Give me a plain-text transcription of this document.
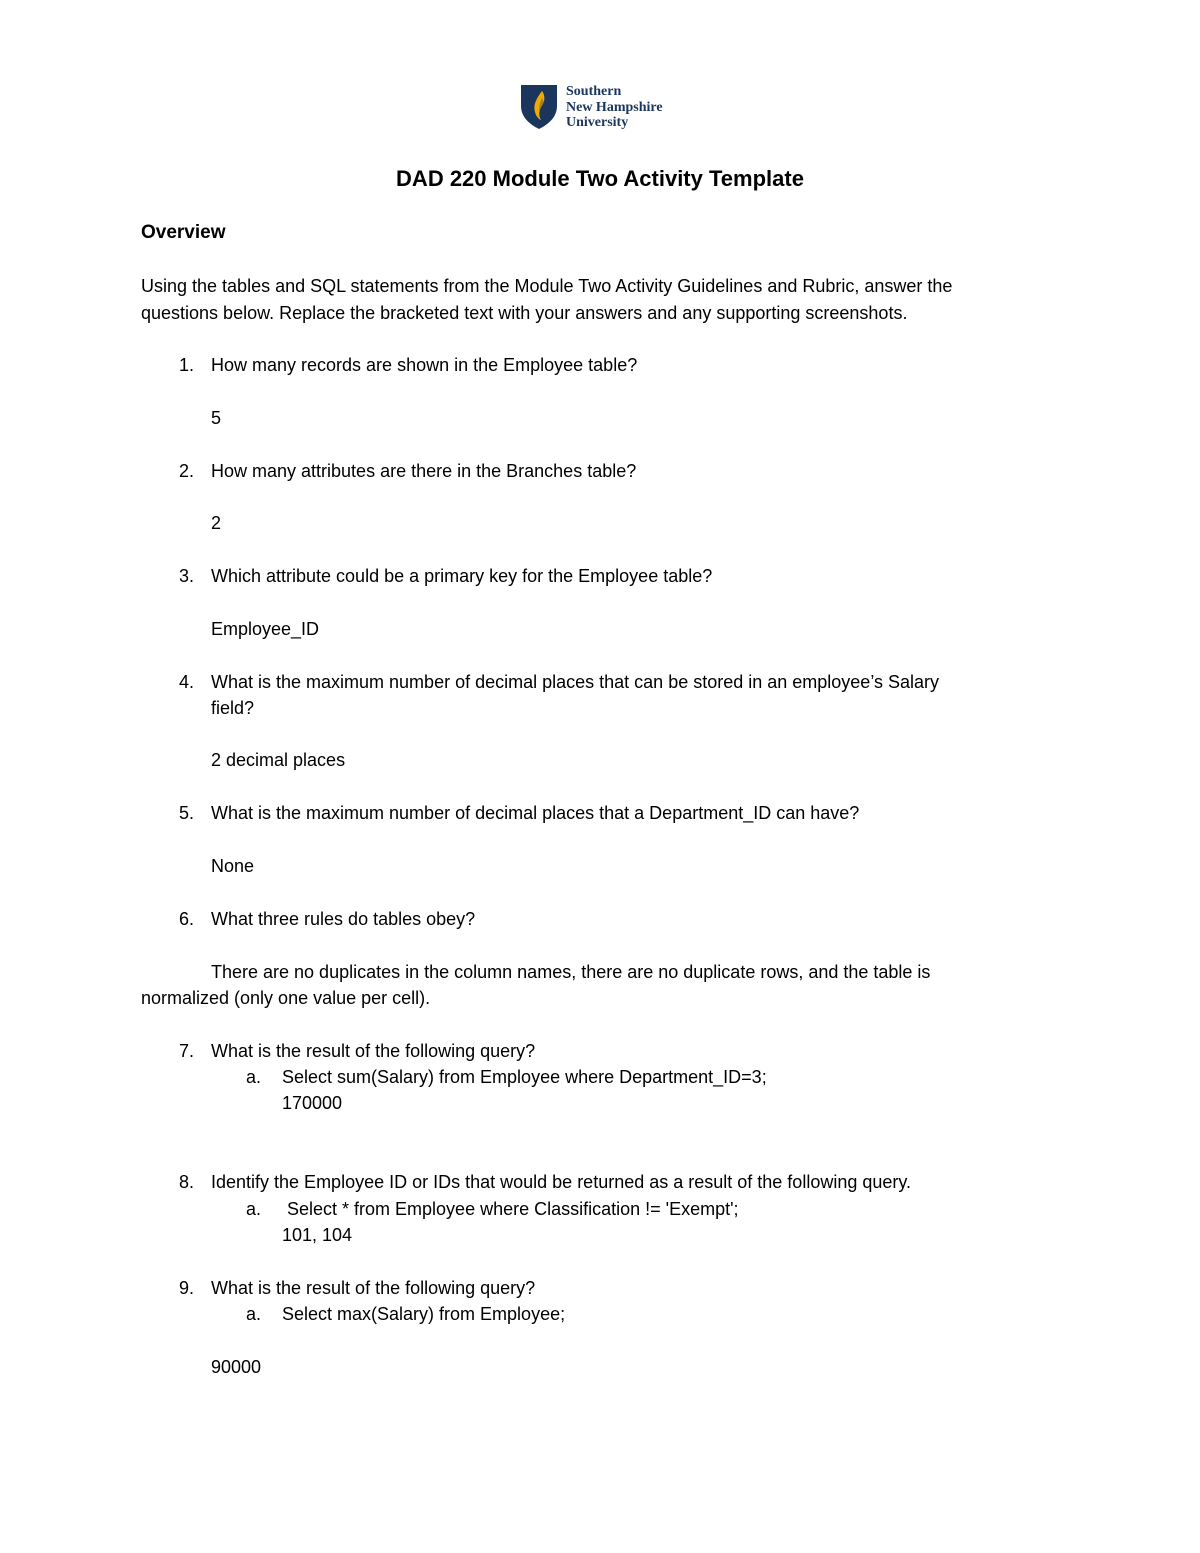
Southern
New Hampshire
University
DAD 220 Module Two Activity Template
Overview
Using the tables and SQL statements from the Module Two Activity Guidelines and Rubric, answer the
questions below. Replace the bracketed text with your answers and any supporting screenshots.
1. How many records are shown in the Employee table?
5
2. How many attributes are there in the Branches table?
2
3. Which attribute could be a primary key for the Employee table?
Employee_ID
4. What is the maximum number of decimal places that can be stored in an employee’s Salary
field?
2 decimal places
5. What is the maximum number of decimal places that a Department_ID can have?
None
6. What three rules do tables obey?
There are no duplicates in the column names, there are no duplicate rows, and the table is
normalized (only one value per cell).
7. What is the result of the following query?
a. Select sum(Salary) from Employee where Department_ID=3;
170000
8. Identify the Employee ID or IDs that would be returned as a result of the following query.
a. Select * from Employee where Classification != 'Exempt';
101, 104
9. What is the result of the following query?
a. Select max(Salary) from Employee;
90000
